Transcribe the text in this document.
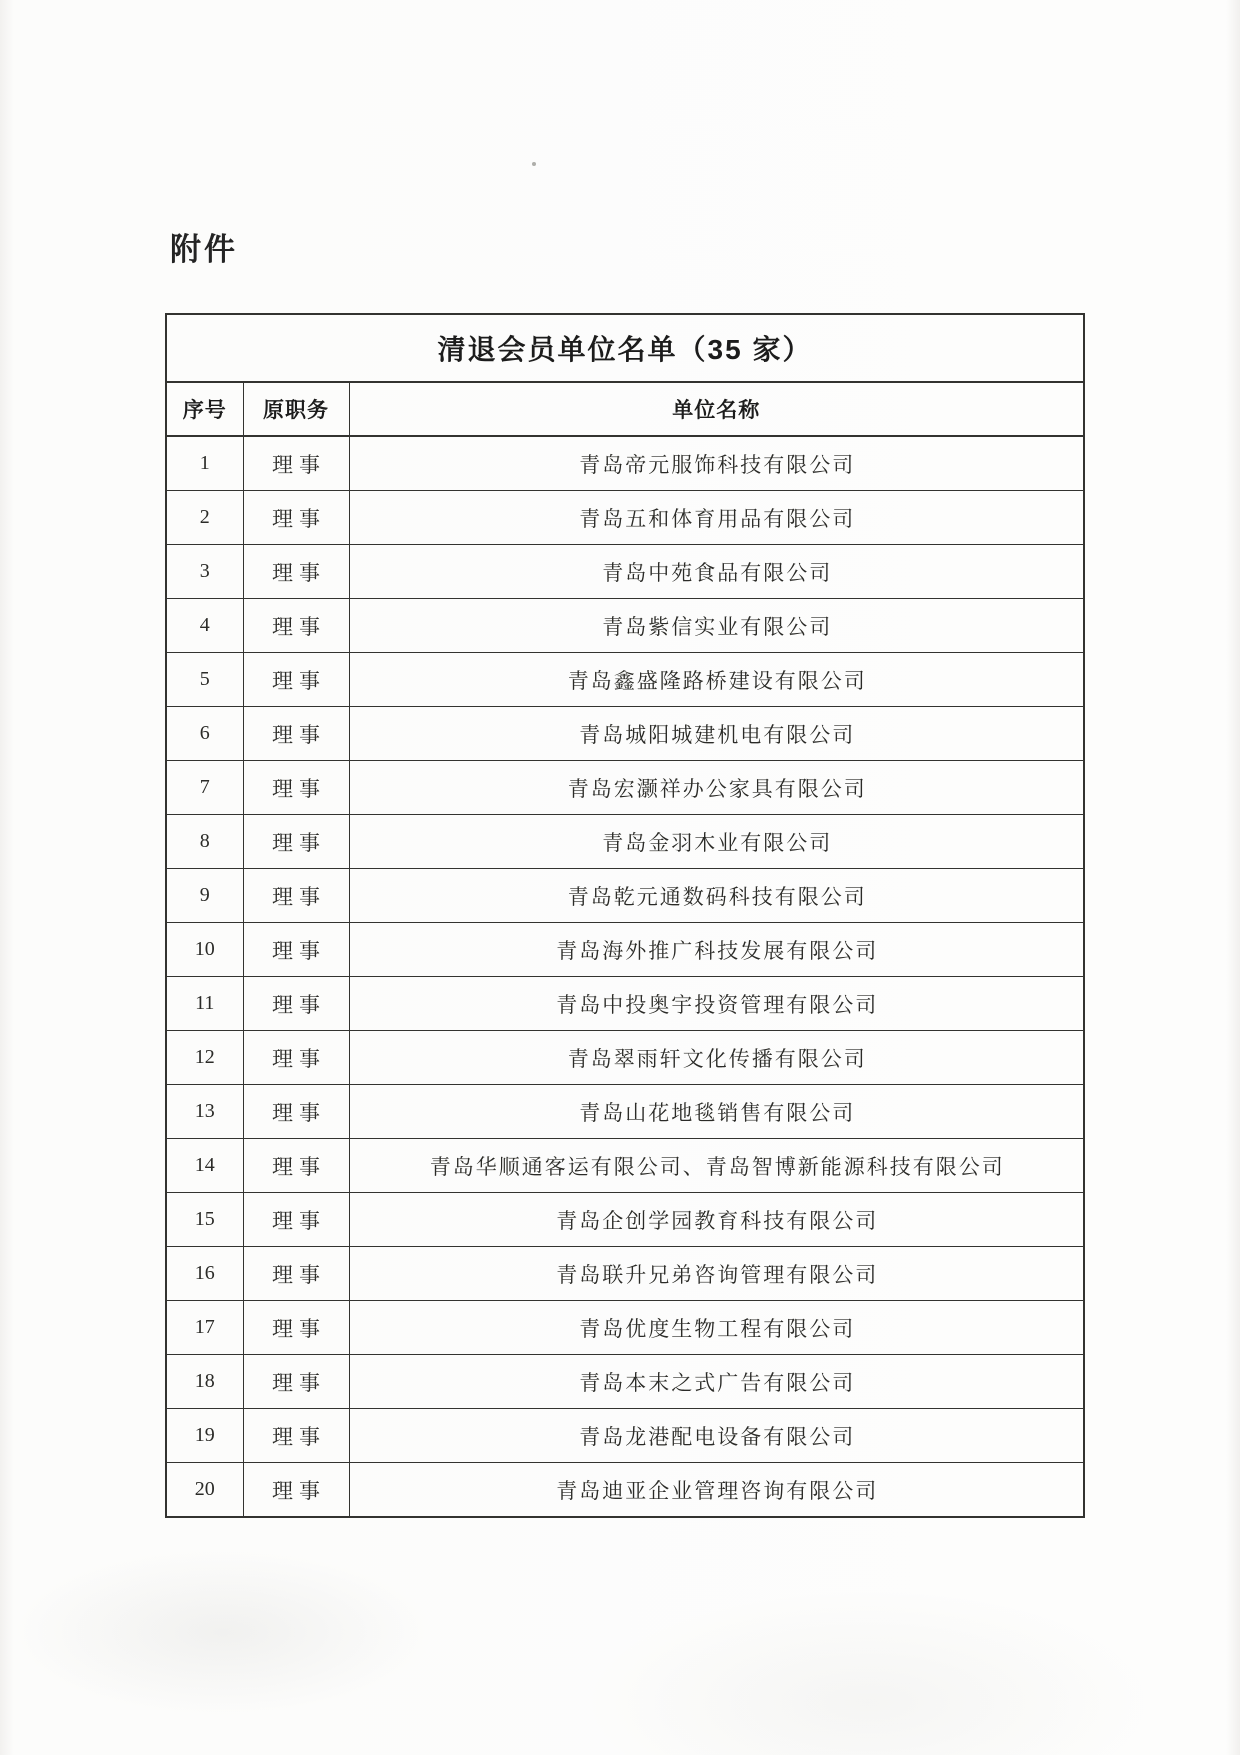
附件
清退会员单位名单（35 家）		
序号	原职务	单位名称
1	理事	青岛帝元服饰科技有限公司
2	理事	青岛五和体育用品有限公司
3	理事	青岛中苑食品有限公司
4	理事	青岛紫信实业有限公司
5	理事	青岛鑫盛隆路桥建设有限公司
6	理事	青岛城阳城建机电有限公司
7	理事	青岛宏灏祥办公家具有限公司
8	理事	青岛金羽木业有限公司
9	理事	青岛乾元通数码科技有限公司
10	理事	青岛海外推广科技发展有限公司
11	理事	青岛中投奥宇投资管理有限公司
12	理事	青岛翠雨轩文化传播有限公司
13	理事	青岛山花地毯销售有限公司
14	理事	青岛华顺通客运有限公司、青岛智博新能源科技有限公司
15	理事	青岛企创学园教育科技有限公司
16	理事	青岛联升兄弟咨询管理有限公司
17	理事	青岛优度生物工程有限公司
18	理事	青岛本末之式广告有限公司
19	理事	青岛龙港配电设备有限公司
20	理事	青岛迪亚企业管理咨询有限公司
